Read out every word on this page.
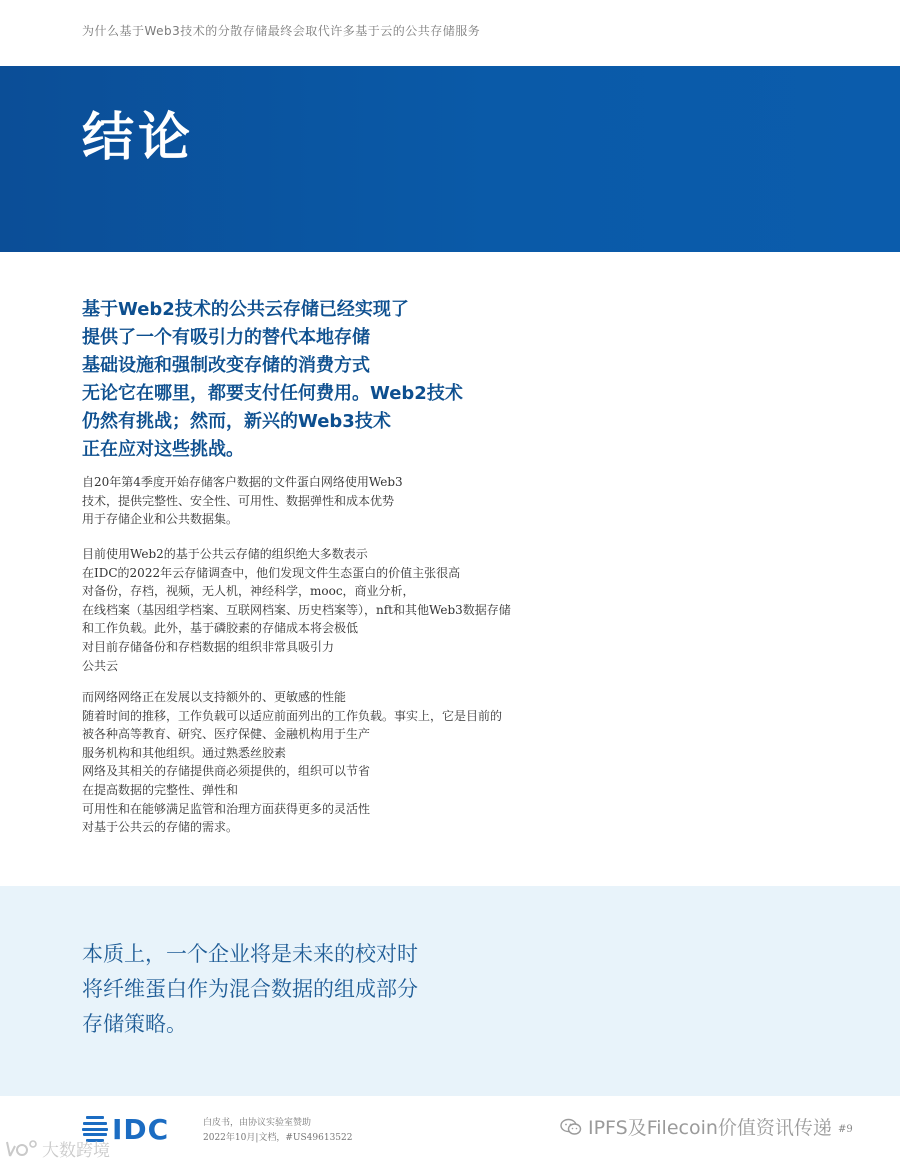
为什么基于Web3技术的分散存储最终会取代许多基于云的公共存储服务
结论
基于Web2技术的公共云存储已经实现了
提供了一个有吸引力的替代本地存储
基础设施和强制改变存储的消费方式
无论它在哪里，都要支付任何费用。Web2技术
仍然有挑战；然而，新兴的Web3技术
正在应对这些挑战。
自20年第4季度开始存储客户数据的文件蛋白网络使用Web3
技术，提供完整性、安全性、可用性、数据弹性和成本优势
用于存储企业和公共数据集。
目前使用Web2的基于公共云存储的组织绝大多数表示
在IDC的2022年云存储调查中，他们发现文件生态蛋白的价值主张很高
对备份，存档，视频，无人机，神经科学，mooc，商业分析，
在线档案（基因组学档案、互联网档案、历史档案等），nft和其他Web3数据存储
和工作负载。此外，基于磷胶素的存储成本将会极低
对目前存储备份和存档数据的组织非常具吸引力
公共云
而网络网络正在发展以支持额外的、更敏感的性能
随着时间的推移，工作负载可以适应前面列出的工作负载。事实上，它是目前的
被各种高等教育、研究、医疗保健、金融机构用于生产
服务机构和其他组织。通过熟悉丝胶素
网络及其相关的存储提供商必须提供的，组织可以节省
在提高数据的完整性、弹性和
可用性和在能够满足监管和治理方面获得更多的灵活性
对基于公共云的存储的需求。
本质上，一个企业将是未来的校对时
将纤维蛋白作为混合数据的组成部分
存储策略。
IDC	白皮书，由协议实验室赞助
2022年10月|文档，#US49613522	IPFS及Filecoin价值资讯传递 #9
大数跨境
